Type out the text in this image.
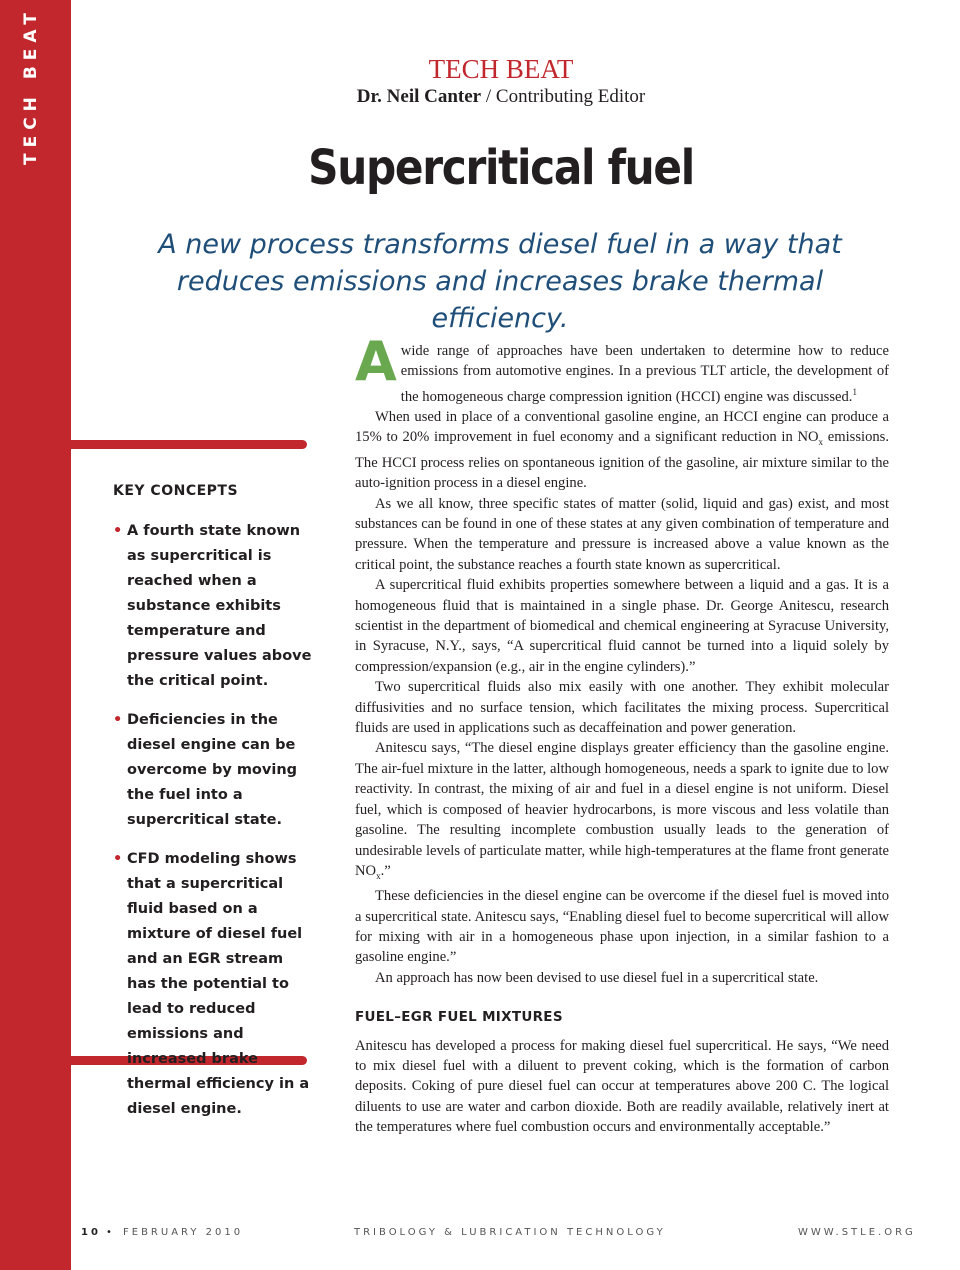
TECH BEAT	TECH BEAT
Dr. Neil Canter / Contributing Editor
Supercritical fuel
A new process transforms diesel fuel in a way that reduces emissions and increases brake thermal efficiency.
KEY CONCEPTS
• A fourth state known as supercritical is reached when a substance exhibits temperature and pressure values above the critical point.
• Deficiencies in the diesel engine can be overcome by moving the fuel into a supercritical state.
• CFD modeling shows that a supercritical fluid based on a mixture of diesel fuel and an EGR stream has the potential to lead to reduced emissions and increased brake thermal efficiency in a diesel engine.

Awide range of approaches have been undertaken to determine how to reduce emissions from automotive engines. In a previous TLT article, the development of the homogeneous charge compression ignition (HCCI) engine was discussed.$^1$

When used in place of a conventional gasoline engine, an HCCI engine can produce a 15% to 20% improvement in fuel economy and a significant reduction in $NO_x$ emissions. The HCCI process relies on spontaneous ignition of the gasoline, air mixture similar to the auto-ignition process in a diesel engine.

As we all know, three specific states of matter (solid, liquid and gas) exist, and most substances can be found in one of these states at any given combination of temperature and pressure. When the temperature and pressure is increased above a value known as the critical point, the substance reaches a fourth state known as supercritical.

A supercritical fluid exhibits properties somewhere between a liquid and a gas. It is a homogeneous fluid that is maintained in a single phase. Dr. George Anitescu, research scientist in the department of biomedical and chemical engineering at Syracuse University, in Syracuse, N.Y., says, “A supercritical fluid cannot be turned into a liquid solely by compression/expansion (e.g., air in the engine cylinders).”

Two supercritical fluids also mix easily with one another. They exhibit molecular diffusivities and no surface tension, which facilitates the mixing process. Supercritical fluids are used in applications such as decaffeination and power generation.

Anitescu says, “The diesel engine displays greater efficiency than the gasoline engine. The air-fuel mixture in the latter, although homogeneous, needs a spark to ignite due to low reactivity. In contrast, the mixing of air and fuel in a diesel engine is not uniform. Diesel fuel, which is composed of heavier hydrocarbons, is more viscous and less volatile than gasoline. The resulting incomplete combustion usually leads to the generation of undesirable levels of particulate matter, while high-temperatures at the flame front generate $NO_x$.”

These deficiencies in the diesel engine can be overcome if the diesel fuel is moved into a supercritical state. Anitescu says, “Enabling diesel fuel to become supercritical will allow for mixing with air in a homogeneous phase upon injection, in a similar fashion to a gasoline engine.”

An approach has now been devised to use diesel fuel in a supercritical state.

FUEL–EGR FUEL MIXTURES

Anitescu has developed a process for making diesel fuel supercritical. He says, “We need to mix diesel fuel with a diluent to prevent coking, which is the formation of carbon deposits. Coking of pure diesel fuel can occur at temperatures above 200 C. The logical diluents to use are water and carbon dioxide. Both are readily available, relatively inert at the temperatures where fuel combustion occurs and environmentally acceptable.”

10 • FEBRUARY 2010	TRIBOLOGY & LUBRICATION TECHNOLOGY	WWW.STLE.ORG
